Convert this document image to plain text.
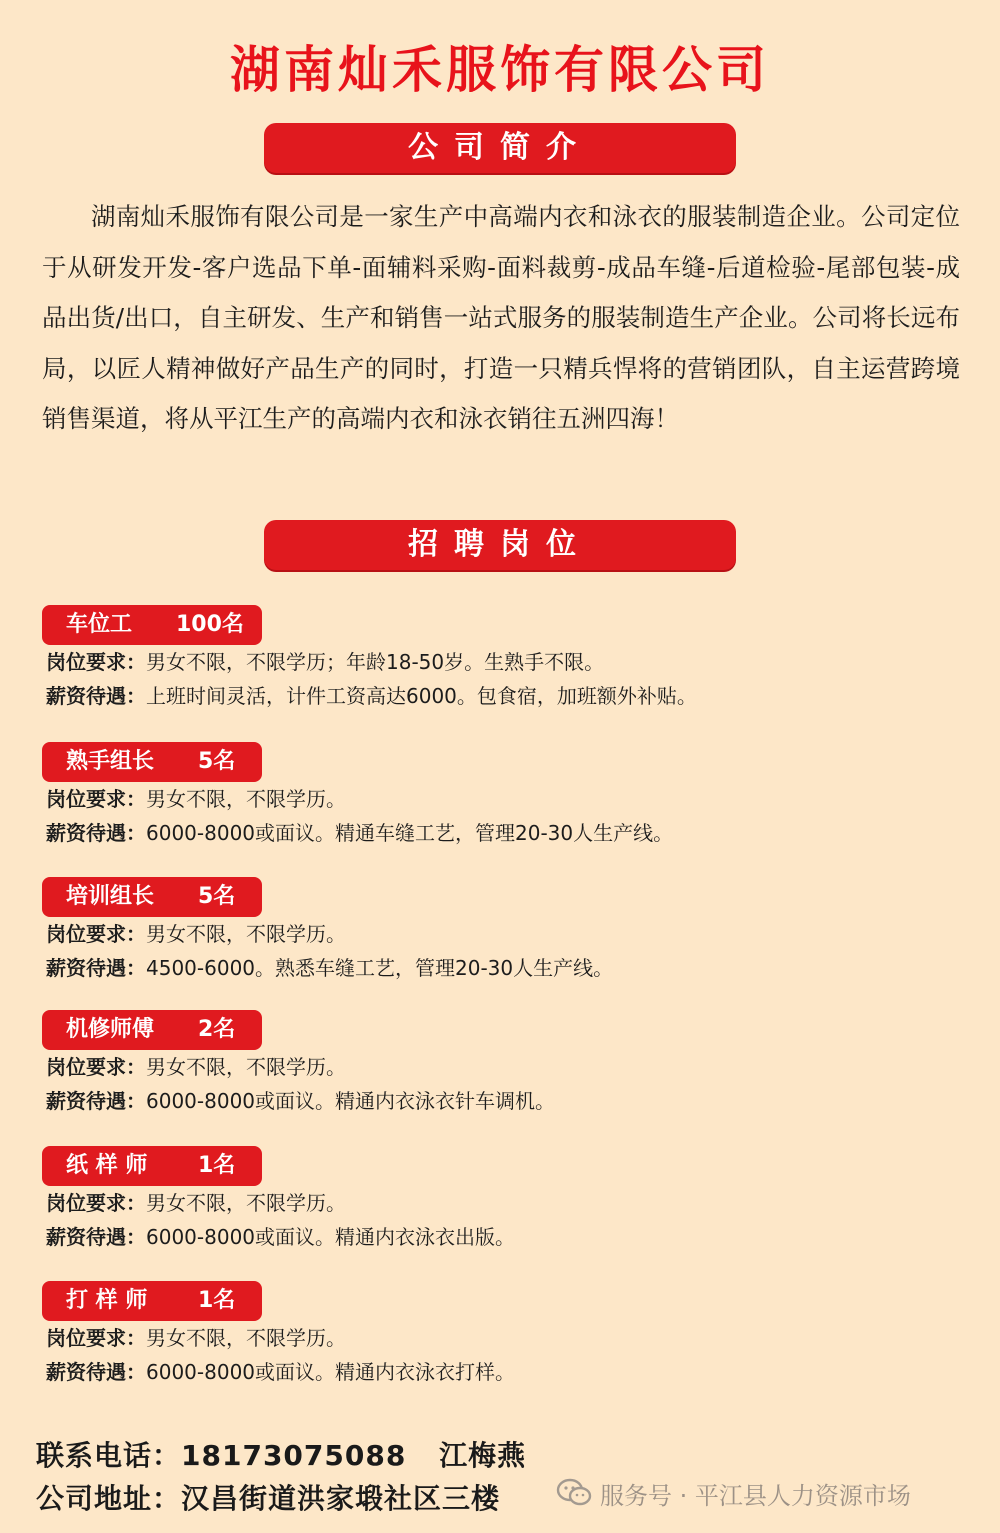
湖南灿禾服饰有限公司
公司简介

湖南灿禾服饰有限公司是一家生产中高端内衣和泳衣的服装制造企业。公司定位于从研发开发-客户选品下单-面辅料采购-面料裁剪-成品车缝-后道检验-尾部包装-成品出货/出口，自主研发、生产和销售一站式服务的服装制造生产企业。公司将长远布局，以匠人精神做好产品生产的同时，打造一只精兵悍将的营销团队，自主运营跨境销售渠道，将从平江生产的高端内衣和泳衣销往五洲四海！

招聘岗位
车位工	100名
岗位要求：男女不限，不限学历；年龄18-50岁。生熟手不限。
薪资待遇：上班时间灵活，计件工资高达6000。包食宿，加班额外补贴。
熟手组长	5名
岗位要求：男女不限，不限学历。
薪资待遇：6000-8000或面议。精通车缝工艺，管理20-30人生产线。
培训组长	5名
岗位要求：男女不限，不限学历。
薪资待遇：4500-6000。熟悉车缝工艺，管理20-30人生产线。
机修师傅	2名
岗位要求：男女不限，不限学历。
薪资待遇：6000-8000或面议。精通内衣泳衣针车调机。
纸 样 师	1名
岗位要求：男女不限，不限学历。
薪资待遇：6000-8000或面议。精通内衣泳衣出版。
打 样 师	1名
岗位要求：男女不限，不限学历。
薪资待遇：6000-8000或面议。精通内衣泳衣打样。
联系电话：18173075088 江梅燕
公司地址：汉昌街道洪家塅社区三楼	服务号 · 平江县人力资源市场
